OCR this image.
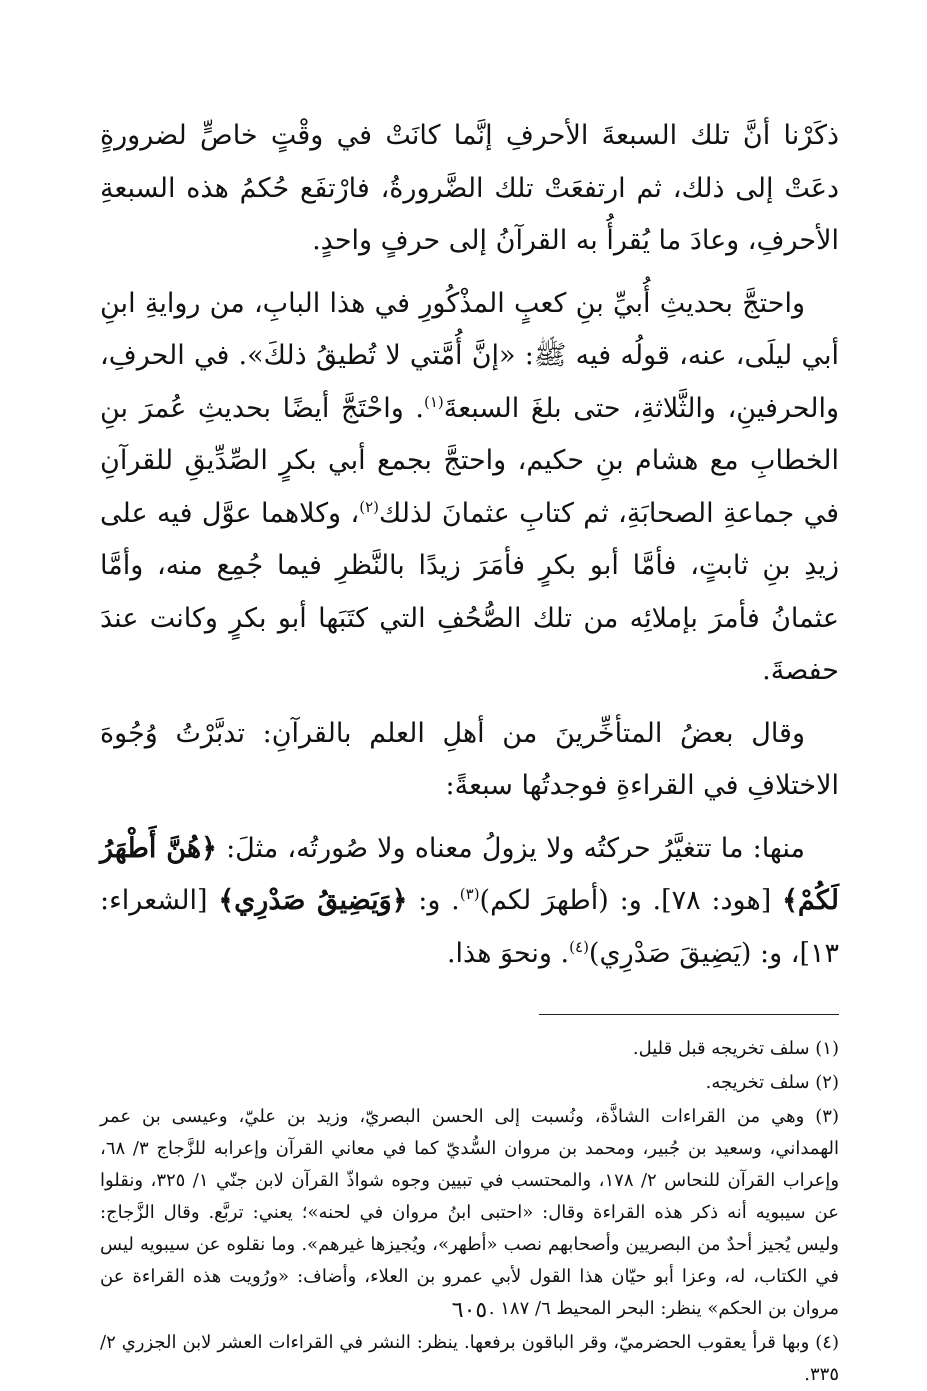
ذكَرْنا أنَّ تلك السبعةَ الأحرفِ إنَّما كانَتْ في وقْتٍ خاصٍّ لضرورةٍ دعَتْ إلى ذلك، ثم ارتفعَتْ تلك الضَّرورةُ، فارْتفَع حُكمُ هذه السبعةِ الأحرفِ، وعادَ ما يُقرأُ به القرآنُ إلى حرفٍ واحدٍ.

واحتجَّ بحديثِ أُبيِّ بنِ كعبٍ المذْكُورِ في هذا البابِ، من روايةِ ابنِ أبي ليلَى، عنه، قولُه فيه ﷺ: «إنَّ أُمَّتي لا تُطيقُ ذلكَ». في الحرفِ، والحرفينِ، والثَّلاثةِ، حتى بلغَ السبعةَ$^{(١)}$. واحْتَجَّ أيضًا بحديثِ عُمرَ بنِ الخطابِ مع هشام بنِ حكيم، واحتجَّ بجمع أبي بكرٍ الصِّدِّيقِ للقرآنِ في جماعةِ الصحابَةِ، ثم كتابِ عثمانَ لذلك$^{(٢)}$، وكلاهما عوَّل فيه على زيدِ بنِ ثابتٍ، فأمَّا أبو بكرٍ فأمَرَ زيدًا بالنَّظرِ فيما جُمِع منه، وأمَّا عثمانُ فأمرَ بإملائِه من تلك الصُّحُفِ التي كتَبَها أبو بكرٍ وكانت عندَ حفصةَ.

وقال بعضُ المتأخِّرينَ من أهلِ العلم بالقرآنِ: تدبَّرْتُ وُجُوهَ الاختلافِ في القراءةِ فوجدتُها سبعةً:

منها: ما تتغيَّرُ حركتُه ولا يزولُ معناه ولا صُورتُه، مثلَ: ﴿هُنَّ أَطْهَرُ لَكُمْ﴾ [هود: ٧٨]. و: (أطهرَ لكم)$^{(٣)}$. و: ﴿وَيَضِيقُ صَدْرِي﴾ [الشعراء: ١٣]، و: (يَضِيقَ صَدْرِي)$^{(٤)}$. ونحوَ هذا.

(١) سلف تخريجه قبل قليل.

(٢) سلف تخريجه.

(٣) وهي من القراءات الشاذَّة، ونُسبت إلى الحسن البصريّ، وزيد بن عليّ، وعيسى بن عمر الهمداني، وسعيد بن جُبير، ومحمد بن مروان السُّديّ كما في معاني القرآن وإعرابه للزَّجاج ٣/ ٦٨، وإعراب القرآن للنحاس ٢/ ١٧٨، والمحتسب في تبيين وجوه شواذّ القرآن لابن جنّي ١/ ٣٢٥، ونقلوا عن سيبويه أنه ذكر هذه القراءة وقال: «احتبى ابنُ مروان في لحنه»؛ يعني: تربَّع. وقال الزَّجاج: وليس يُجيز أحدٌ من البصريين وأصحابهم نصب «أطهر»، ويُجيزها غيرهم». وما نقلوه عن سيبويه ليس في الكتاب، له، وعزا أبو حيّان هذا القول لأبي عمرو بن العلاء، وأضاف: «ورُويت هذه القراءة عن مروان بن الحكم» ينظر: البحر المحيط ٦/ ١٨٧ .

(٤) وبها قرأ يعقوب الحضرميّ، وقر الباقون برفعها. ينظر: النشر في القراءات العشر لابن الجزري ٢/ ٣٣٥.

٦٠٥
